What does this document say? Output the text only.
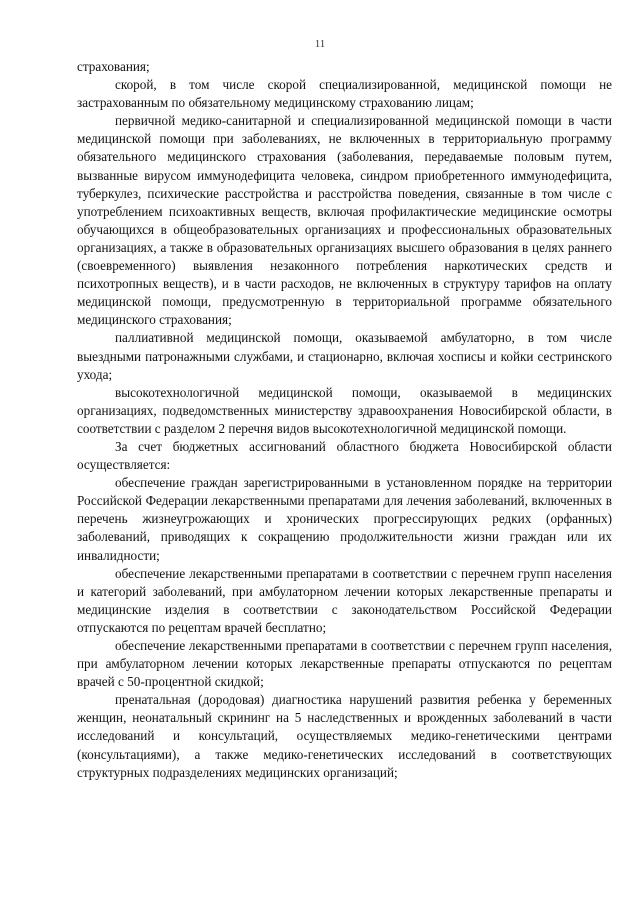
11

страхования;

скорой, в том числе скорой специализированной, медицинской помощи не застрахованным по обязательному медицинскому страхованию лицам;

первичной медико-санитарной и специализированной медицинской помощи в части медицинской помощи при заболеваниях, не включенных в территориальную программу обязательного медицинского страхования (заболевания, передаваемые половым путем, вызванные вирусом иммунодефицита человека, синдром приобретенного иммунодефицита, туберкулез, психические расстройства и расстройства поведения, связанные в том числе с употреблением психоактивных веществ, включая профилактические медицинские осмотры обучающихся в общеобразовательных организациях и профессиональных образовательных организациях, а также в образовательных организациях высшего образования в целях раннего (своевременного) выявления незаконного потребления наркотических средств и психотропных веществ), и в части расходов, не включенных в структуру тарифов на оплату медицинской помощи, предусмотренную в территориальной программе обязательного медицинского страхования;

паллиативной медицинской помощи, оказываемой амбулаторно, в том числе выездными патронажными службами, и стационарно, включая хосписы и койки сестринского ухода;

высокотехнологичной медицинской помощи, оказываемой в медицинских организациях, подведомственных министерству здравоохранения Новосибирской области, в соответствии с разделом 2 перечня видов высокотехнологичной медицинской помощи.

За счет бюджетных ассигнований областного бюджета Новосибирской области осуществляется:

обеспечение граждан зарегистрированными в установленном порядке на территории Российской Федерации лекарственными препаратами для лечения заболеваний, включенных в перечень жизнеугрожающих и хронических прогрессирующих редких (орфанных) заболеваний, приводящих к сокращению продолжительности жизни граждан или их инвалидности;

обеспечение лекарственными препаратами в соответствии с перечнем групп населения и категорий заболеваний, при амбулаторном лечении которых лекарственные препараты и медицинские изделия в соответствии с законодательством Российской Федерации отпускаются по рецептам врачей бесплатно;

обеспечение лекарственными препаратами в соответствии с перечнем групп населения, при амбулаторном лечении которых лекарственные препараты отпускаются по рецептам врачей с 50-процентной скидкой;

пренатальная (дородовая) диагностика нарушений развития ребенка у беременных женщин, неонатальный скрининг на 5 наследственных и врожденных заболеваний в части исследований и консультаций, осуществляемых медико-генетическими центрами (консультациями), а также медико-генетических исследований в соответствующих структурных подразделениях медицинских организаций;
